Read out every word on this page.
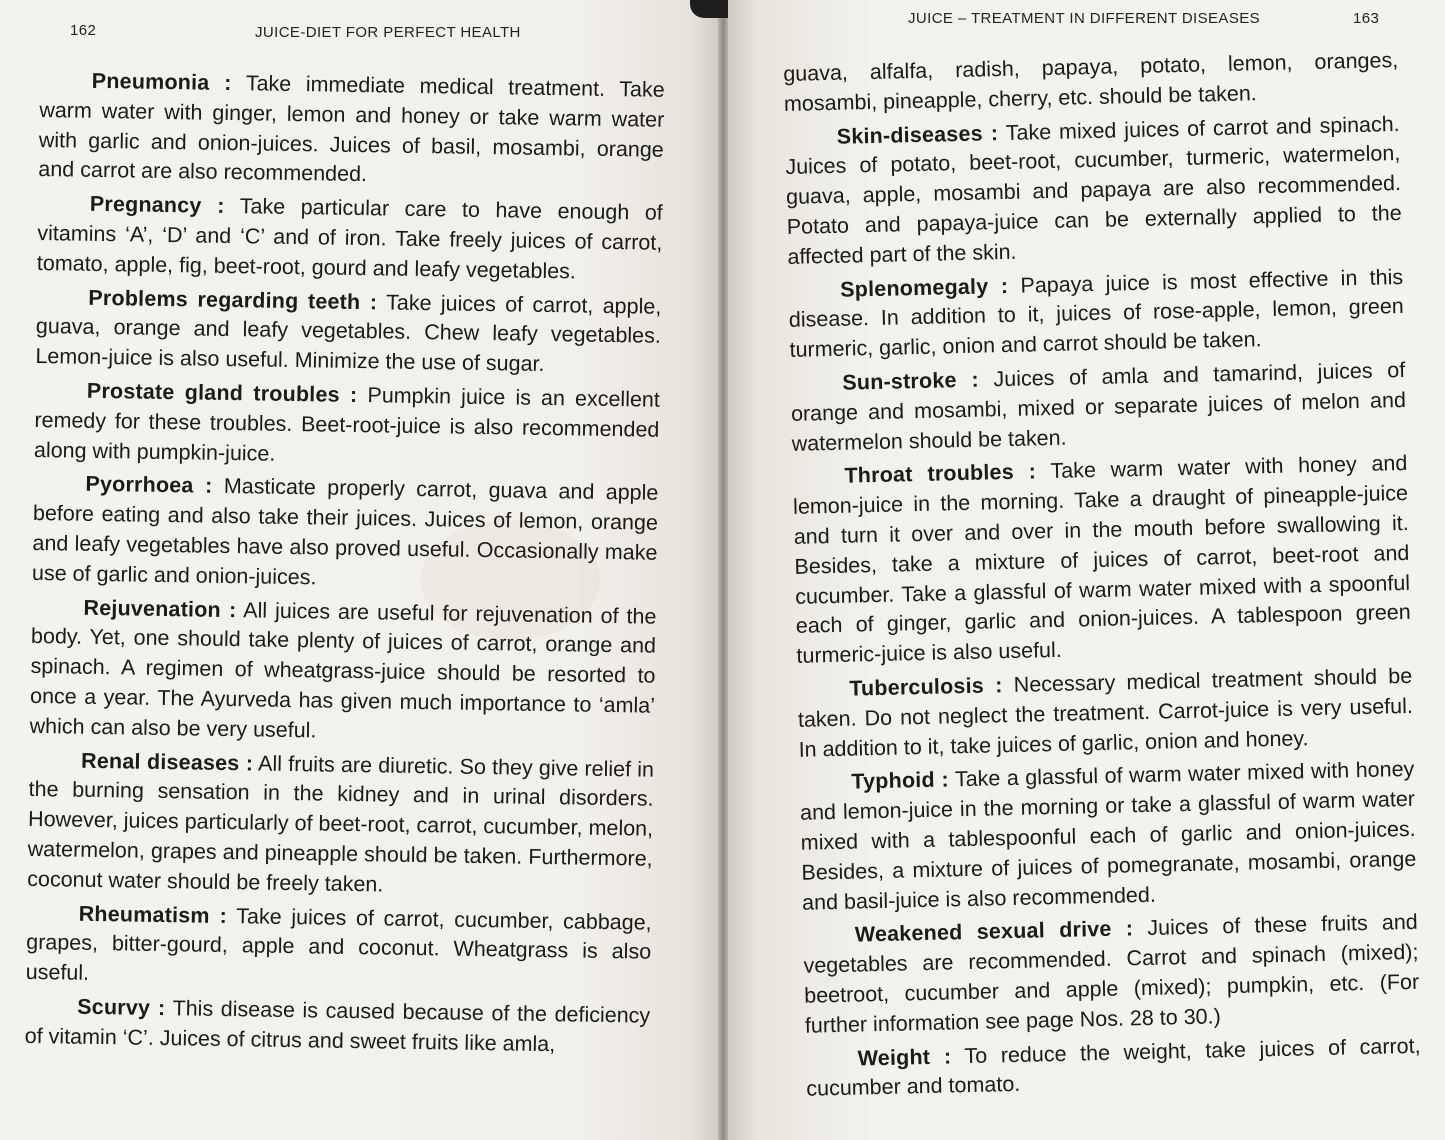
162	JUICE-DIET FOR PERFECT HEALTH

Pneumonia : Take immediate medical treatment. Take warm water with ginger, lemon and honey or take warm water with garlic and onion-juices. Juices of basil, mosambi, orange and carrot are also recommended.

Pregnancy : Take particular care to have enough of vitamins ‘A’, ‘D’ and ‘C’ and of iron. Take freely juices of carrot, tomato, apple, fig, beet-root, gourd and leafy vegetables.

Problems regarding teeth : Take juices of carrot, apple, guava, orange and leafy vegetables. Chew leafy vegetables. Lemon-juice is also useful. Minimize the use of sugar.

Prostate gland troubles : Pumpkin juice is an excellent remedy for these troubles. Beet-root-juice is also recommended along with pumpkin-juice.

Pyorrhoea : Masticate properly carrot, guava and apple before eating and also take their juices. Juices of lemon, orange and leafy vegetables have also proved useful. Occasionally make use of garlic and onion-juices.

Rejuvenation : All juices are useful for rejuvenation of the body. Yet, one should take plenty of juices of carrot, orange and spinach. A regimen of wheatgrass-juice should be resorted to once a year. The Ayurveda has given much importance to ‘amla’ which can also be very useful.

Renal diseases : All fruits are diuretic. So they give relief in the burning sensation in the kidney and in urinal disorders. However, juices particularly of beet-root, carrot, cucumber, melon, watermelon, grapes and pineapple should be taken. Furthermore, coconut water should be freely taken.

Rheumatism : Take juices of carrot, cucumber, cabbage, grapes, bitter-gourd, apple and coconut. Wheatgrass is also useful.

Scurvy : This disease is caused because of the deficiency of vitamin ‘C’. Juices of citrus and sweet fruits like amla,

JUICE – TREATMENT IN DIFFERENT DISEASES	163

guava, alfalfa, radish, papaya, potato, lemon, oranges, mosambi, pineapple, cherry, etc. should be taken.

Skin-diseases : Take mixed juices of carrot and spinach. Juices of potato, beet-root, cucumber, turmeric, watermelon, guava, apple, mosambi and papaya are also recommended. Potato and papaya-juice can be externally applied to the affected part of the skin.

Splenomegaly : Papaya juice is most effective in this disease. In addition to it, juices of rose-apple, lemon, green turmeric, garlic, onion and carrot should be taken.

Sun-stroke : Juices of amla and tamarind, juices of orange and mosambi, mixed or separate juices of melon and watermelon should be taken.

Throat troubles : Take warm water with honey and lemon-juice in the morning. Take a draught of pineapple-juice and turn it over and over in the mouth before swallowing it. Besides, take a mixture of juices of carrot, beet-root and cucumber. Take a glassful of warm water mixed with a spoonful each of ginger, garlic and onion-juices. A tablespoon green turmeric-juice is also useful.

Tuberculosis : Necessary medical treatment should be taken. Do not neglect the treatment. Carrot-juice is very useful. In addition to it, take juices of garlic, onion and honey.

Typhoid : Take a glassful of warm water mixed with honey and lemon-juice in the morning or take a glassful of warm water mixed with a tablespoonful each of garlic and onion-juices. Besides, a mixture of juices of pomegranate, mosambi, orange and basil-juice is also recommended.

Weakened sexual drive : Juices of these fruits and vegetables are recommended. Carrot and spinach (mixed); beetroot, cucumber and apple (mixed); pumpkin, etc. (For further information see page Nos. 28 to 30.)

Weight : To reduce the weight, take juices of carrot, cucumber and tomato.
